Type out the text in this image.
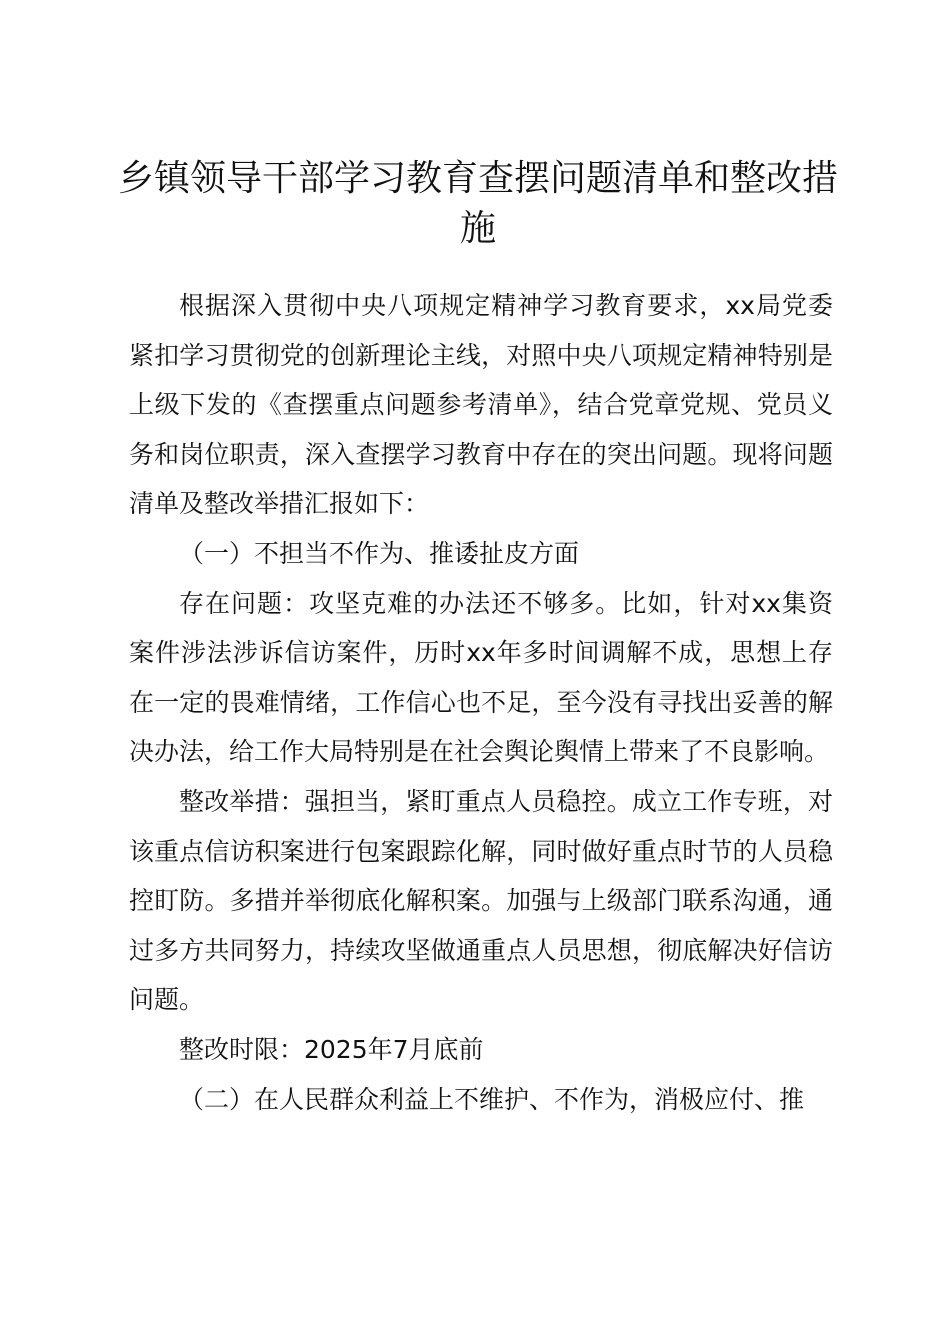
乡镇领导干部学习教育查摆问题清单和整改措施

根据深入贯彻中央八项规定精神学习教育要求，xx局党委紧扣学习贯彻党的创新理论主线，对照中央八项规定精神特别是上级下发的《查摆重点问题参考清单》，结合党章党规、党员义务和岗位职责，深入查摆学习教育中存在的突出问题。现将问题清单及整改举措汇报如下：

（一）不担当不作为、推诿扯皮方面

存在问题：攻坚克难的办法还不够多。比如，针对xx集资案件涉法涉诉信访案件，历时xx年多时间调解不成，思想上存在一定的畏难情绪，工作信心也不足，至今没有寻找出妥善的解决办法，给工作大局特别是在社会舆论舆情上带来了不良影响。

整改举措：强担当，紧盯重点人员稳控。成立工作专班，对该重点信访积案进行包案跟踪化解，同时做好重点时节的人员稳控盯防。多措并举彻底化解积案。加强与上级部门联系沟通，通过多方共同努力，持续攻坚做通重点人员思想，彻底解决好信访问题。

整改时限：2025年7月底前

（二）在人民群众利益上不维护、不作为，消极应付、推
